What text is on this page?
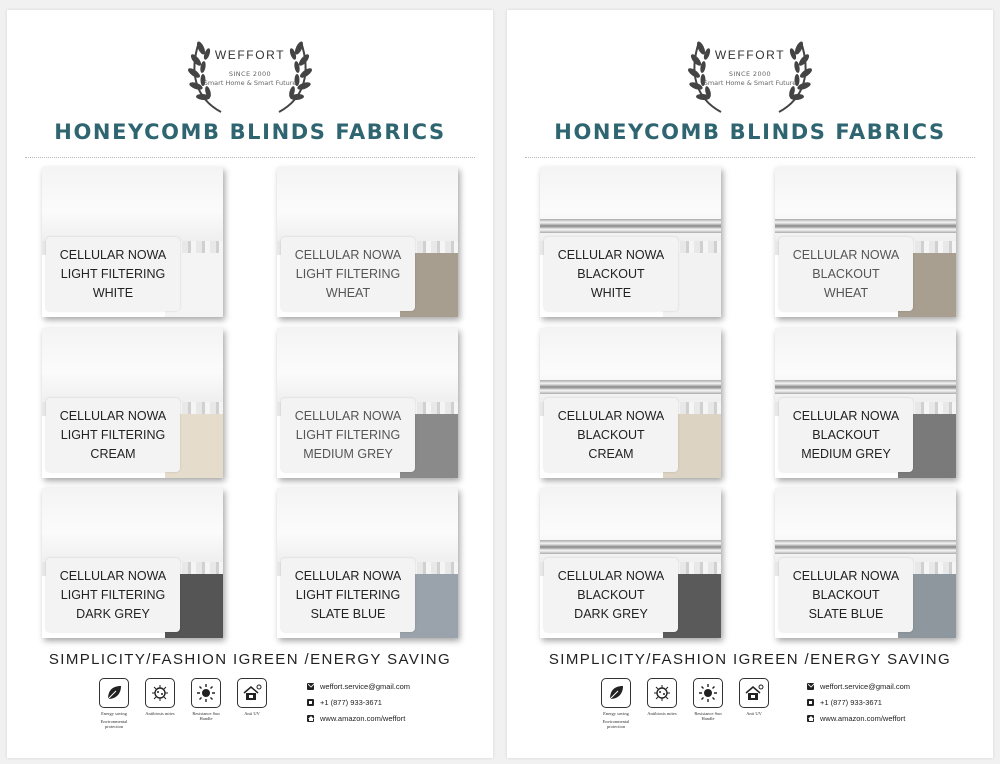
WEFFORT
SINCE 2000
Smart Home & Smart Future
HONEYCOMB BLINDS FABRICS
CELLULAR NOWA
LIGHT FILTERING
WHITE
CELLULAR NOWA
LIGHT FILTERING
WHEAT
CELLULAR NOWA
LIGHT FILTERING
CREAM
CELLULAR NOWA
LIGHT FILTERING
MEDIUM GREY
CELLULAR NOWA
LIGHT FILTERING
DARK GREY
CELLULAR NOWA
LIGHT FILTERING
SLATE BLUE
SIMPLICITY/FASHION IGREEN /ENERGY SAVING
Energy saving
Environmental protection
Antibiosis mites	Resistance Sun Handle
Anti UV
weffort.service@gmail.com
+1 (877) 933-3671
www.amazon.com/weffort
WEFFORT
SINCE 2000
Smart Home & Smart Future
HONEYCOMB BLINDS FABRICS
CELLULAR NOWA
BLACKOUT
WHITE
CELLULAR NOWA
BLACKOUT
WHEAT
CELLULAR NOWA
BLACKOUT
CREAM
CELLULAR NOWA
BLACKOUT
MEDIUM GREY
CELLULAR NOWA
BLACKOUT
DARK GREY
CELLULAR NOWA
BLACKOUT
SLATE BLUE
SIMPLICITY/FASHION IGREEN /ENERGY SAVING
Energy saving
Environmental protection
Antibiosis mites	Resistance Sun Handle
Anti UV
weffort.service@gmail.com
+1 (877) 933-3671
www.amazon.com/weffort
